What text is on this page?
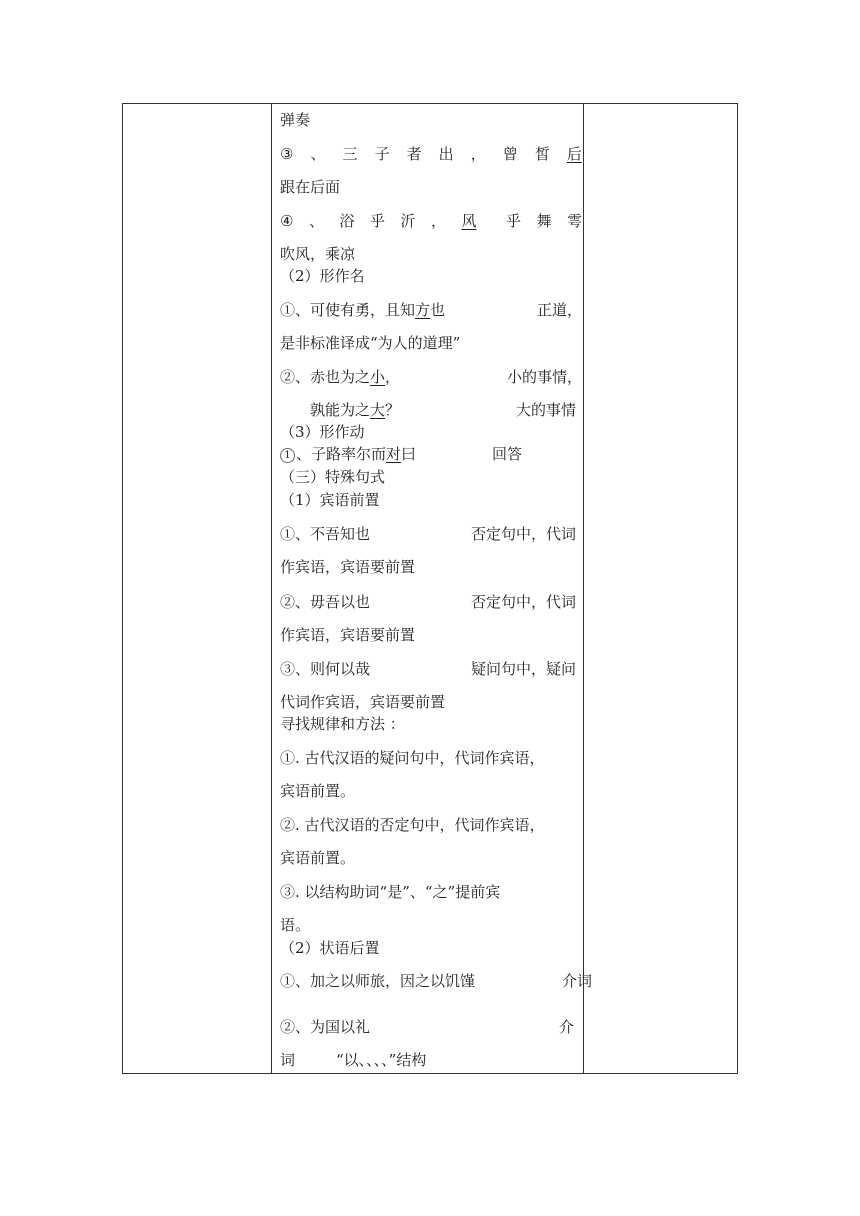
弹奏
③ 、 三 子 者 出 ， 曾 皙 后
跟在后面
④ 、 浴 乎 沂 ， 风	乎 舞 雩
吹风，乘凉
（2）形作名
①、可使有勇，且知方也	正道，
是非标准译成“为人的道理”
②、赤也为之小，	小的事情，
孰能为之大？	大的事情
（3）形作动
1 、子路率尔而对曰	回答
（三）特殊句式
（1）宾语前置
①、不吾知也	否定句中，代词
作宾语，宾语要前置
②、毋吾以也	否定句中，代词
作宾语，宾语要前置
③、则何以哉	疑问句中，疑问
代词作宾语，宾语要前置
寻找规律和方法 ：
①. 古代汉语的疑问句中，代词作宾语，
宾语前置。
②. 古代汉语的否定句中，代词作宾语，
宾语前置。
③. 以结构助词“是”、“之”提前宾
语。
（2）状语后置
①、加之以师旅，因之以饥馑	介词
②、为国以礼	介
词	“以、、、、”结构
